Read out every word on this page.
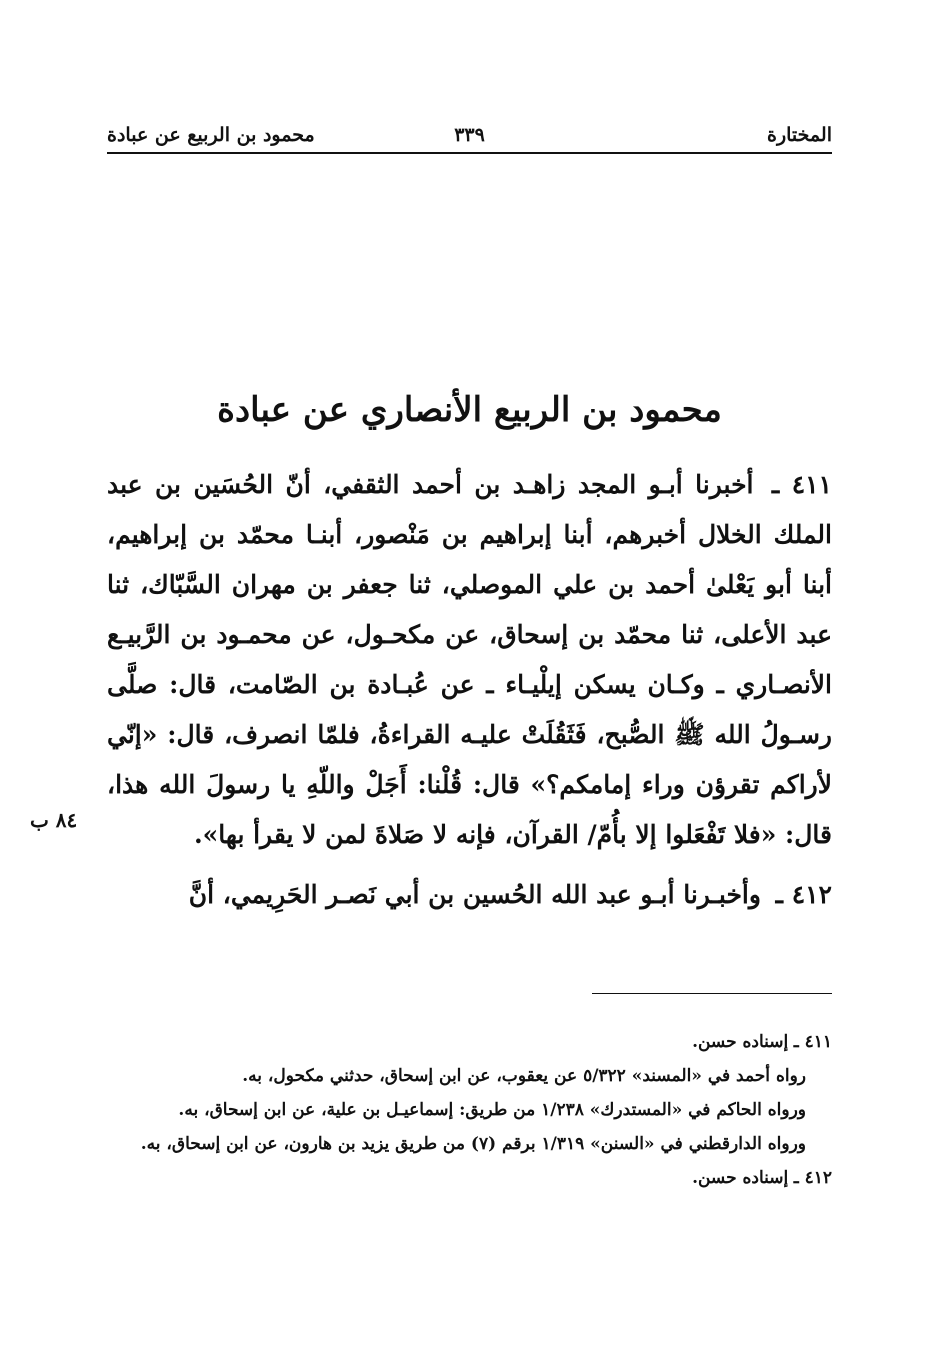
المختارة
٣٣٩
محمود بن الربيع عن عبادة
محمود بن الربيع الأنصاري عن عبادة

٤١١ ـ أخبرنا أبـو المجد زاهـد بن أحمد الثقفي، أنّ الحُسَين بن عبد الملك الخلال أخبرهم، أبنا إبراهيم بن مَنْصور، أبنـا محمّد بن إبراهيم، أبنا أبو يَعْلىٰ أحمد بن علي الموصلي، ثنا جعفر بن مهران السَّبّاك، ثنا عبد الأعلى، ثنا محمّد بن إسحاق، عن مكحـول، عن محمـود بن الرَّبيـع الأنصـاري ـ وكـان يسكن إيلْيـاء ـ عن عُبـادة بن الصّامت، قال: صلَّى رسـولُ الله ﷺ الصُّبح، فَثَقُلَتْ عليـه القراءةُ، فلمّا انصرف، قال: «إنّي لأراكم تقرؤن وراء إمامكم؟» قال: قُلْنا: أَجَلْ واللّهِ يا رسولَ الله هذا، قال: «فلا تَفْعَلوا إلا بأُمّ/ القرآن، فإنه لا صَلاةَ لمن لا يقرأ بها».

٤١٢ ـ وأخبـرنا أبـو عبد الله الحُسين بن أبي نَصـر الحَرِيمي، أنَّ

٨٤ ب

٤١١ ـ إسناده حسن.

رواه أحمد في «المسند» ٥/٣٢٢ عن يعقوب، عن ابن إسحاق، حدثني مكحول، به.

ورواه الحاكم في «المستدرك» ١/٢٣٨ من طريق: إسماعيـل بن علية، عن ابن إسحاق، به.

ورواه الدارقطني في «السنن» ١/٣١٩ برقم (٧) من طريق يزيد بن هارون، عن ابن إسحاق، به.

٤١٢ ـ إسناده حسن.
